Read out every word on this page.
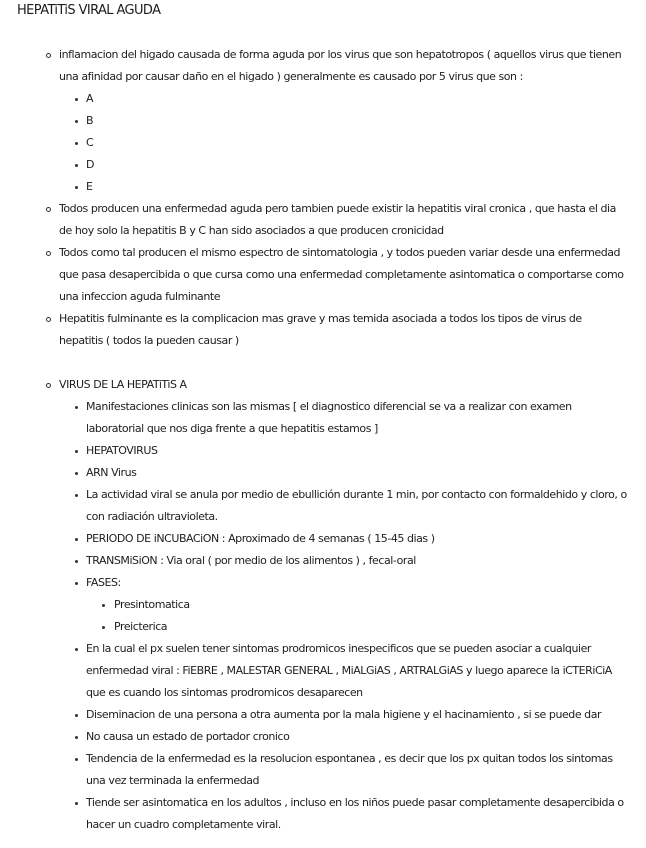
HEPATiTiS VIRAL AGUDA
inflamacion del higado causada de forma aguda por los virus que son hepatotropos ( aquellos virus que tienen una afinidad por causar daño en el higado ) generalmente es causado por 5 virus que son :
A
B
C
D
E
Todos producen una enfermedad aguda pero tambien puede existir la hepatitis viral cronica , que hasta el dia de hoy solo la hepatitis B y C han sido asociados a que producen cronicidad
Todos como tal producen el mismo espectro de sintomatologia , y todos pueden variar desde una enfermedad que pasa desapercibida o que cursa como una enfermedad completamente asintomatica o comportarse como una infeccion aguda fulminante
Hepatitis fulminante es la complicacion mas grave y mas temida asociada a todos los tipos de virus de hepatitis ( todos la pueden causar )
VIRUS DE LA HEPATiTiS A
Manifestaciones clinicas son las mismas [ el diagnostico diferencial se va a realizar con examen laboratorial que nos diga frente a que hepatitis estamos ]
HEPATOVIRUS
ARN Virus
La actividad viral se anula por medio de ebullición durante 1 min, por contacto con formaldehido y cloro, o con radiación ultravioleta.
PERIODO DE iNCUBACiON : Aproximado de 4 semanas ( 15-45 dias )
TRANSMiSiON : Via oral ( por medio de los alimentos ) , fecal-oral
FASES:
Presintomatica
Preicterica
En la cual el px suelen tener sintomas prodromicos inespecificos que se pueden asociar a cualquier enfermedad viral : FiEBRE , MALESTAR GENERAL , MiALGiAS , ARTRALGiAS y luego aparece la iCTERiCiA que es cuando los sintomas prodromicos desaparecen
Diseminacion de una persona a otra aumenta por la mala higiene y el hacinamiento , si se puede dar
No causa un estado de portador cronico
Tendencia de la enfermedad es la resolucion espontanea , es decir que los px quitan todos los sintomas una vez terminada la enfermedad
Tiende ser asintomatica en los adultos , incluso en los niños puede pasar completamente desapercibida o hacer un cuadro completamente viral.
